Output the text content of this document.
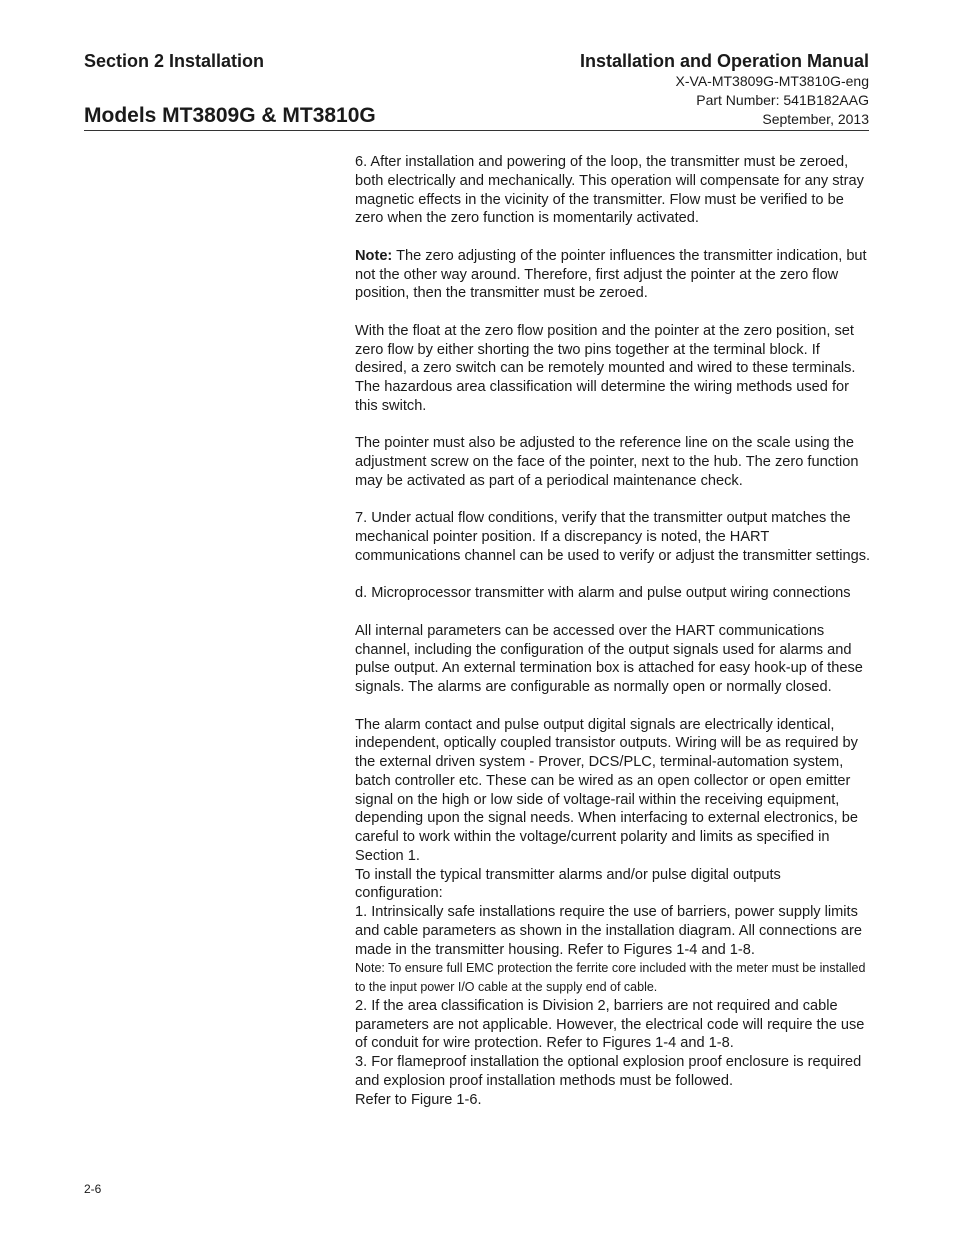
Section 2 Installation
Models MT3809G & MT3810G

Installation and Operation Manual

X-VA-MT3809G-MT3810G-eng

Part Number: 541B182AAG

September, 2013

6. After installation and powering of the loop, the transmitter must be zeroed, both electrically and mechanically. This operation will compensate for any stray magnetic effects in the vicinity of the transmitter. Flow must be verified to be zero when the zero function is momentarily activated.

Note: The zero adjusting of the pointer influences the transmitter indication, but not the other way around. Therefore, first adjust the pointer at the zero flow position, then the transmitter must be zeroed.

With the float at the zero flow position and the pointer at the zero position, set zero flow by either shorting the two pins together at the terminal block. If desired, a zero switch can be remotely mounted and wired to these terminals. The hazardous area classification will determine the wiring methods used for this switch.

The pointer must also be adjusted to the reference line on the scale using the adjustment screw on the face of the pointer, next to the hub. The zero function may be activated as part of a periodical maintenance check.

7. Under actual flow conditions, verify that the transmitter output matches the mechanical pointer position. If a discrepancy is noted, the HART communications channel can be used to verify or adjust the transmitter settings.

d. Microprocessor transmitter with alarm and pulse output wiring connections

All internal parameters can be accessed over the HART communications channel, including the configuration of the output signals used for alarms and pulse output. An external termination box is attached for easy hook-up of these signals. The alarms are configurable as normally open or normally closed.

The alarm contact and pulse output digital signals are electrically identical, independent, optically coupled transistor outputs. Wiring will be as required by the external driven system - Prover, DCS/PLC, terminal-automation system, batch controller etc. These can be wired as an open collector or open emitter signal on the high or low side of voltage-rail within the receiving equipment, depending upon the signal needs. When interfacing to external electronics, be careful to work within the voltage/current polarity and limits as specified in Section 1.

To install the typical transmitter alarms and/or pulse digital outputs configuration:

1. Intrinsically safe installations require the use of barriers, power supply limits and cable parameters as shown in the installation diagram. All connections are made in the transmitter housing. Refer to Figures 1-4 and 1-8.

Note: To ensure full EMC protection the ferrite core included with the meter must be installed to the input power I/O cable at the supply end of cable.

2. If the area classification is Division 2, barriers are not required and cable parameters are not applicable. However, the electrical code will require the use of conduit for wire protection. Refer to Figures 1-4 and 1-8.

3. For flameproof installation the optional explosion proof enclosure is required and explosion proof installation methods must be followed.

Refer to Figure 1-6.

2-6
